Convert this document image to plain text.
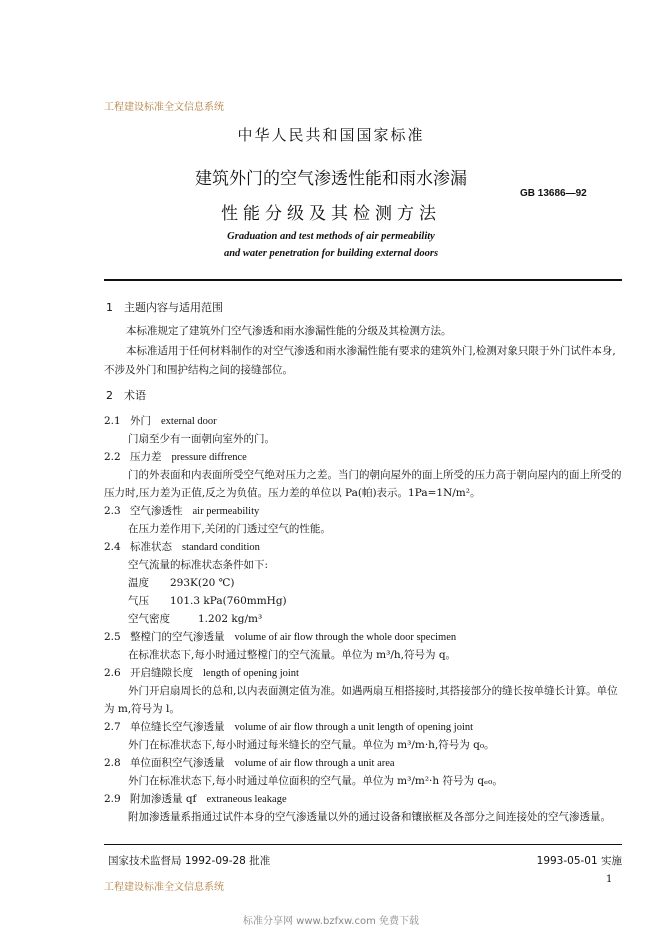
工程建设标准全文信息系统
中华人民共和国国家标准
建筑外门的空气渗透性能和雨水渗漏
GB 13686—92
性能分级及其检测方法
Graduation and test methods of air permeability
and water penetration for building external doors
1　主题内容与适用范围

本标准规定了建筑外门空气渗透和雨水渗漏性能的分级及其检测方法。

本标准适用于任何材料制作的对空气渗透和雨水渗漏性能有要求的建筑外门,检测对象只限于外门试件本身,不涉及外门和围护结构之间的接缝部位。

2　术语
2.1 外门 external door
门扇至少有一面朝向室外的门。
2.2 压力差 pressure diffrence

门的外表面和内表面所受空气绝对压力之差。当门的朝向屋外的面上所受的压力高于朝向屋内的面上所受的压力时,压力差为正值,反之为负值。压力差的单位以 Pa(帕)表示。1Pa=1N/m²。

2.3 空气渗透性 air permeability
在压力差作用下,关闭的门透过空气的性能。
2.4 标准状态 standard condition
空气流量的标准状态条件如下:
温度 293K(20 ℃)
气压 101.3 kPa(760mmHg)
空气密度	1.202 kg/m³
2.5 整樘门的空气渗透量 volume of air flow through the whole door specimen
在标准状态下,每小时通过整樘门的空气流量。单位为 m³/h,符号为 q。
2.6 开启缝隙长度 length of opening joint

外门开启扇周长的总和,以内表面测定值为准。如遇两扇互相搭接时,其搭接部分的缝长按单缝长计算。单位为 m,符号为 l。

2.7 单位缝长空气渗透量 volume of air flow through a unit length of opening joint
外门在标准状态下,每小时通过每米缝长的空气量。单位为 m³/m·h,符号为 q₀。
2.8 单位面积空气渗透量 volume of air flow through a unit area
外门在标准状态下,每小时通过单位面积的空气量。单位为 m³/m²·h 符号为 qₑ₀。
2.9 附加渗透量 qf extraneous leakage

附加渗透量系指通过试件本身的空气渗透量以外的通过设备和镶嵌框及各部分之间连接处的空气渗透量。

国家技术监督局 1992-09-28 批准	1993-05-01 实施
工程建设标准全文信息系统
1
标准分享网 www.bzfxw.com 免费下载
